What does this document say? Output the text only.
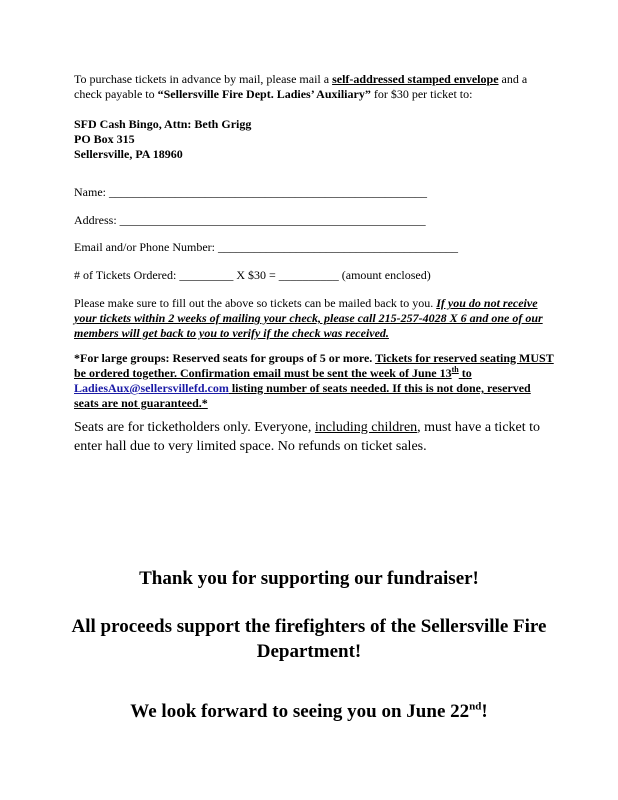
To purchase tickets in advance by mail, please mail a self-addressed stamped envelope and a check payable to “Sellersville Fire Dept. Ladies’ Auxiliary” for $30 per ticket to:
SFD Cash Bingo, Attn: Beth Grigg
PO Box 315
Sellersville, PA 18960
Name: _____________________________________________________
Address: ___________________________________________________
Email and/or Phone Number: ________________________________________
# of Tickets Ordered: _________ X $30 = __________ (amount enclosed)
Please make sure to fill out the above so tickets can be mailed back to you. If you do not receive your tickets within 2 weeks of mailing your check, please call 215-257-4028 X 6 and one of our members will get back to you to verify if the check was received.
*For large groups: Reserved seats for groups of 5 or more. Tickets for reserved seating MUST be ordered together. Confirmation email must be sent the week of June 13th to LadiesAux@sellersvillefd.com listing number of seats needed. If this is not done, reserved seats are not guaranteed.*
Seats are for ticketholders only. Everyone, including children, must have a ticket to enter hall due to very limited space. No refunds on ticket sales.
Thank you for supporting our fundraiser!
All proceeds support the firefighters of the Sellersville Fire Department!
We look forward to seeing you on June 22nd!
